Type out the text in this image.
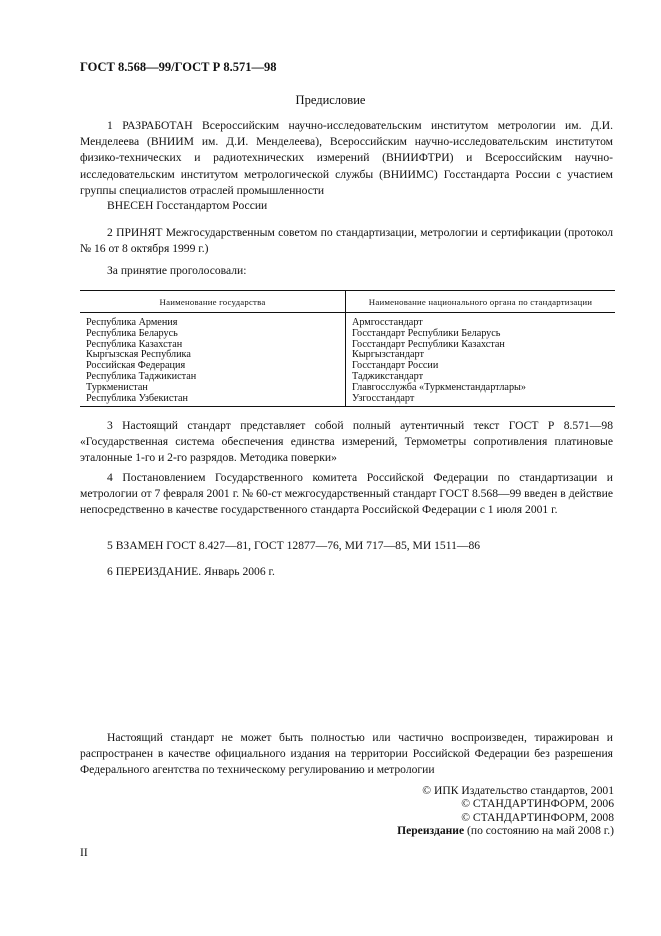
ГОСТ 8.568—99/ГОСТ Р 8.571—98
Предисловие

1 РАЗРАБОТАН Всероссийским научно-исследовательским институтом метрологии им. Д.И. Менделеева (ВНИИМ им. Д.И. Менделеева), Всероссийским научно-исследовательским институтом физико-технических и радиотехнических измерений (ВНИИФТРИ) и Всероссийским научно-исследовательским институтом метрологической службы (ВНИИМС) Госстандарта России с участием группы специалистов отраслей промышленности

ВНЕСЕН Госстандартом России

2 ПРИНЯТ Межгосударственным советом по стандартизации, метрологии и сертификации (протокол № 16 от 8 октября 1999 г.)

За принятие проголосовали:
Наименование государства	Наименование национального органа по стандартизации
Республика Армения	Армгосстандарт
Республика Беларусь	Госстандарт Республики Беларусь
Республика Казахстан	Госстандарт Республики Казахстан
Кыргызская Республика	Кыргызстандарт
Российская Федерация	Госстандарт России
Республика Таджикистан	Таджикстандарт
Туркменистан	Главгосслужба «Туркменстандартлары»
Республика Узбекистан	Узгосстандарт

3 Настоящий стандарт представляет собой полный аутентичный текст ГОСТ Р 8.571—98 «Государственная система обеспечения единства измерений, Термометры сопротивления платиновые эталонные 1-го и 2-го разрядов. Методика поверки»

4 Постановлением Государственного комитета Российской Федерации по стандартизации и метрологии от 7 февраля 2001 г. № 60-ст межгосударственный стандарт ГОСТ 8.568—99 введен в действие непосредственно в качестве государственного стандарта Российской Федерации с 1 июля 2001 г.

5 ВЗАМЕН ГОСТ 8.427—81, ГОСТ 12877—76, МИ 717—85, МИ 1511—86

6 ПЕРЕИЗДАНИЕ. Январь 2006 г.

Настоящий стандарт не может быть полностью или частично воспроизведен, тиражирован и распространен в качестве официального издания на территории Российской Федерации без разрешения Федерального агентства по техническому регулированию и метрологии

© ИПК Издательство стандартов, 2001
© СТАНДАРТИНФОРМ, 2006
© СТАНДАРТИНФОРМ, 2008
Переиздание (по состоянию на май 2008 г.)
II
